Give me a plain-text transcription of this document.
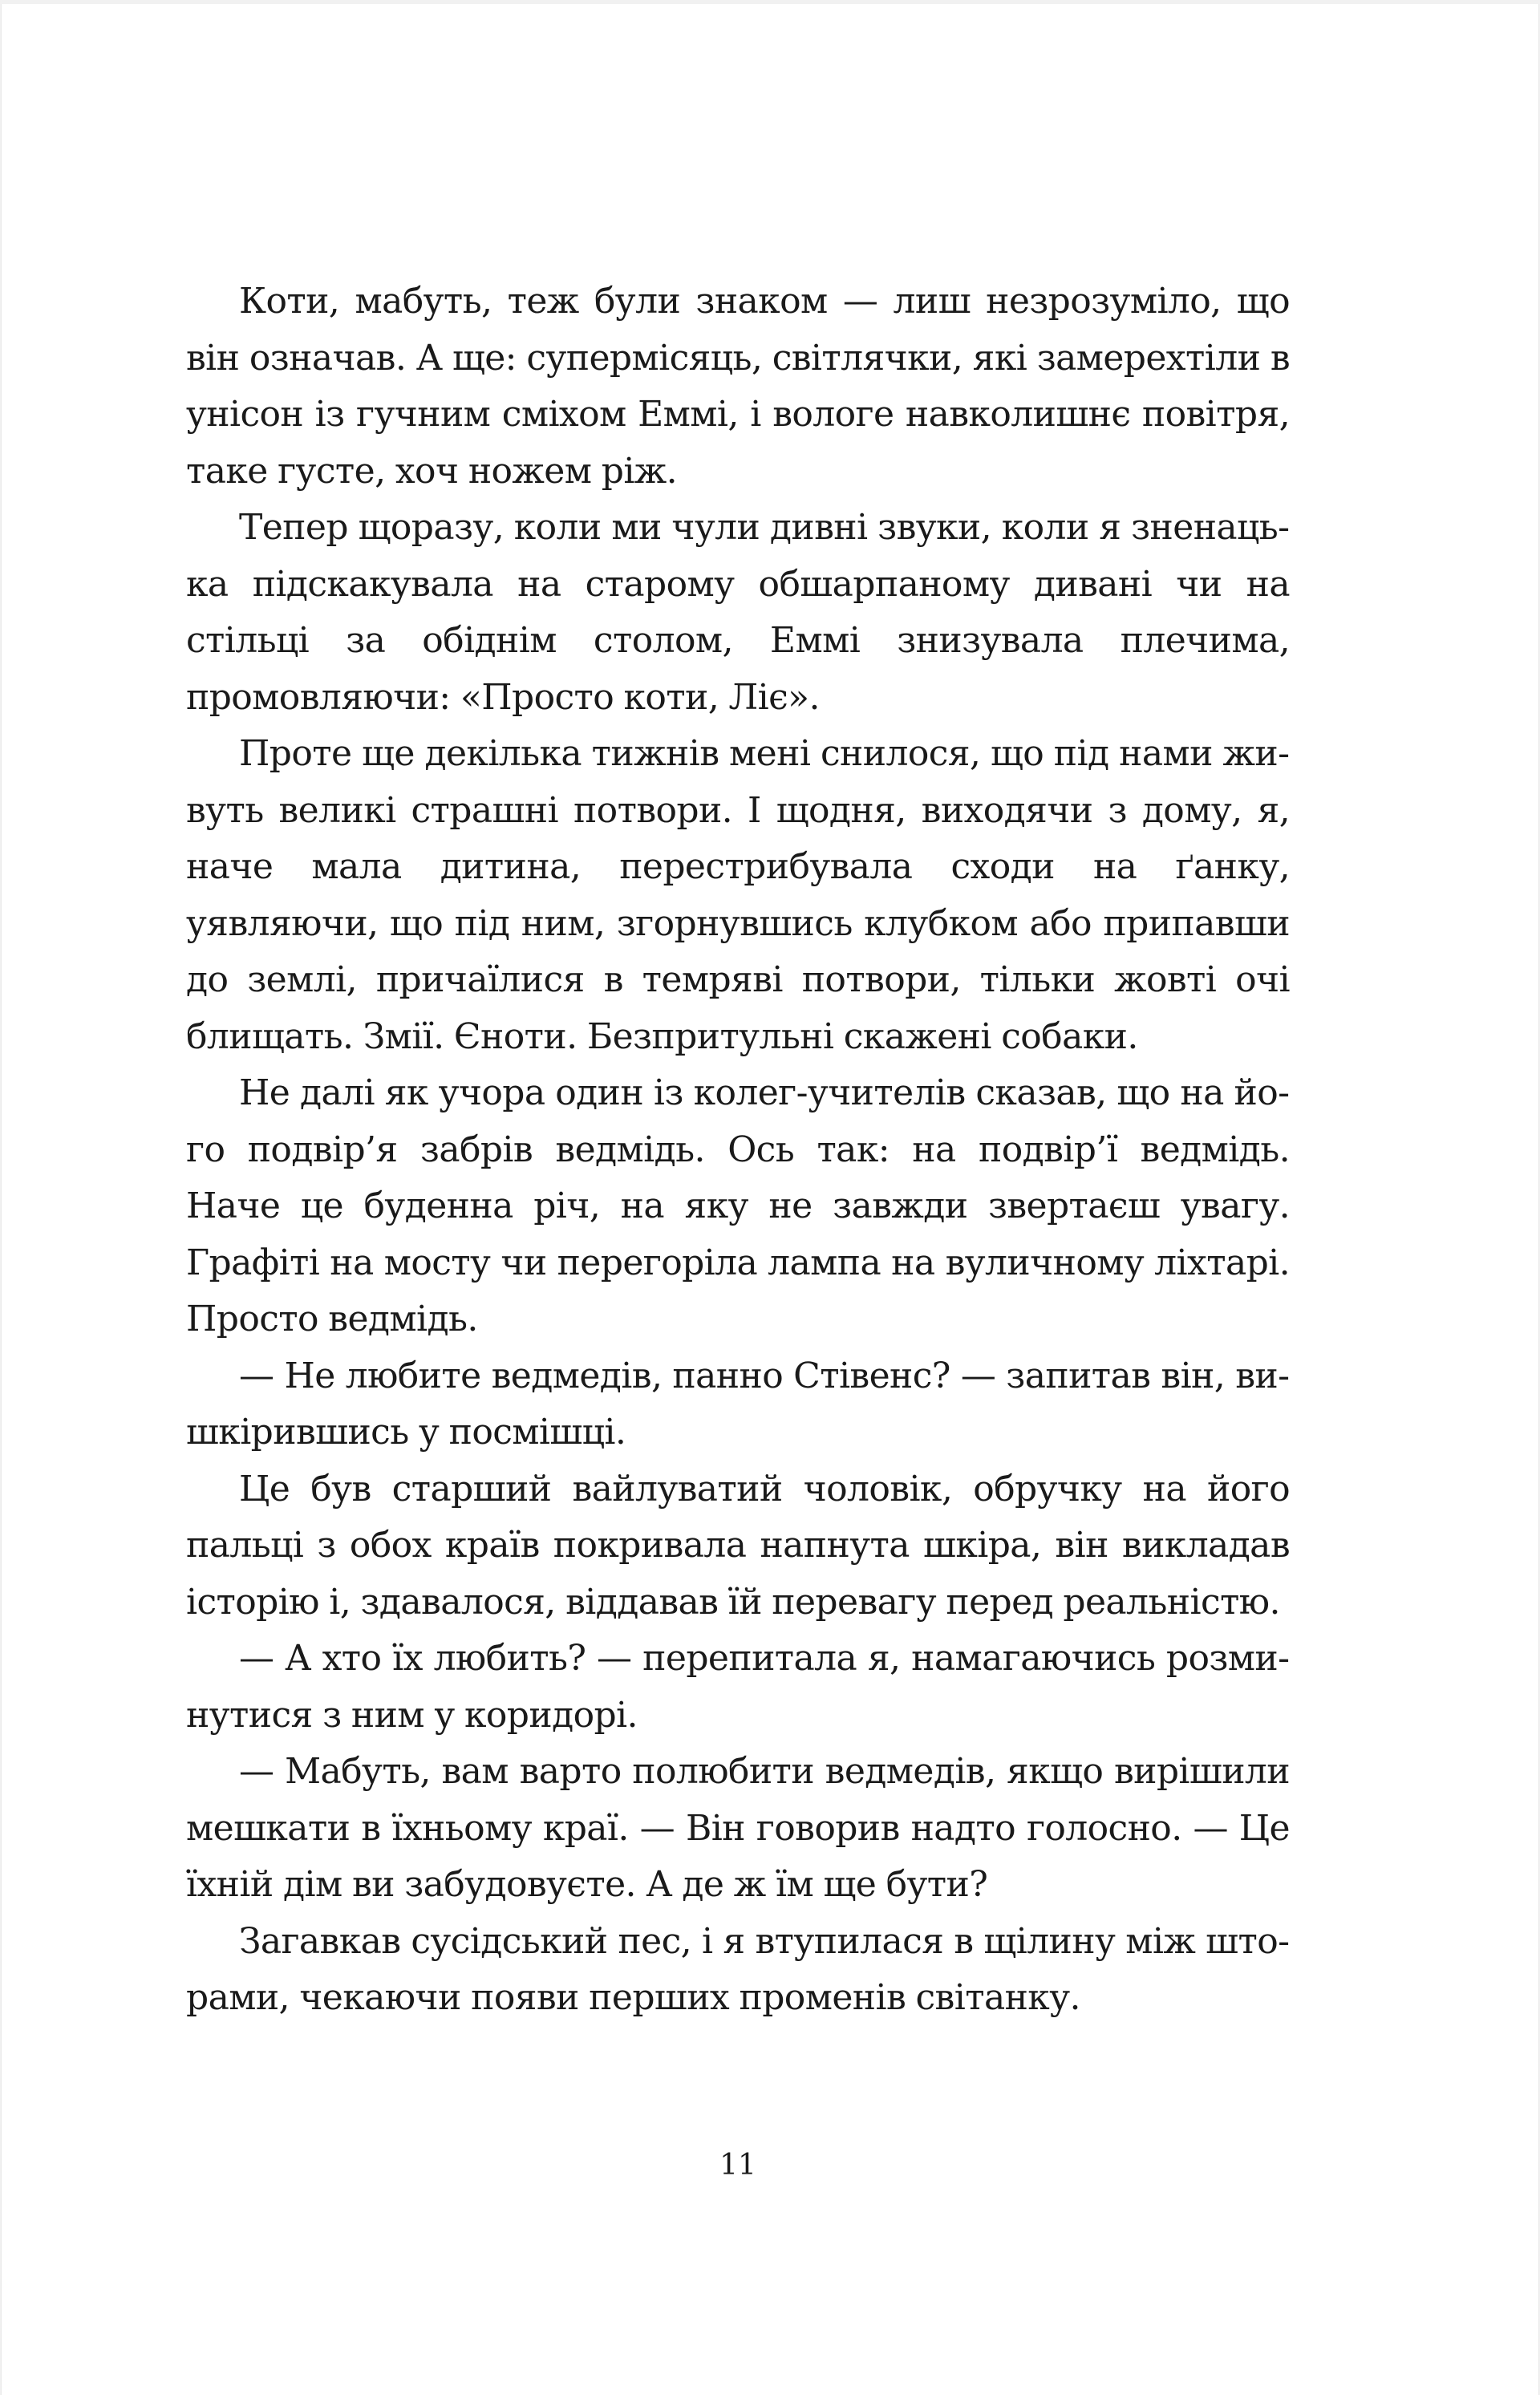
Коти, мабуть, теж були знаком — лиш незрозуміло, що він означав. А ще: супермісяць, світлячки, які замерехтіли в унісон із гучним сміхом Еммі, і вологе навколишнє повітря, таке густе, хоч ножем ріж.

Тепер щоразу, коли ми чули дивні звуки, коли я зненацька підскакувала на старому обшарпаному дивані чи на стільці за обіднім столом, Еммі знизувала плечима, промовляючи: «Просто коти, Ліє».

Проте ще декілька тижнів мені снилося, що під нами живуть великі страшні потвори. І щодня, виходячи з дому, я, наче мала дитина, перестрибувала сходи на ґанку, уявляючи, що під ним, згорнувшись клубком або припавши до землі, причаїлися в темряві потвори, тільки жовті очі блищать. Змії. Єноти. Безпритульні скажені собаки.

Не далі як учора один із колег-учителів сказав, що на його подвір’я забрів ведмідь. Ось так: на подвір’ї ведмідь. Наче це буденна річ, на яку не завжди звертаєш увагу. Графіті на мосту чи перегоріла лампа на вуличному ліхтарі. Просто ведмідь.

— Не любите ведмедів, панно Стівенс? — запитав він, вишкірившись у посмішці.

Це був старший вайлуватий чоловік, обручку на його пальці з обох країв покривала напнута шкіра, він викладав історію і, здавалося, віддавав їй перевагу перед реальністю.

— А хто їх любить? — перепитала я, намагаючись розминутися з ним у коридорі.

— Мабуть, вам варто полюбити ведмедів, якщо вирішили мешкати в їхньому краї. — Він говорив надто голосно. — Це їхній дім ви забудовуєте. А де ж їм ще бути?

Загавкав сусідський пес, і я втупилася в щілину між шторами, чекаючи появи перших променів світанку.

11
